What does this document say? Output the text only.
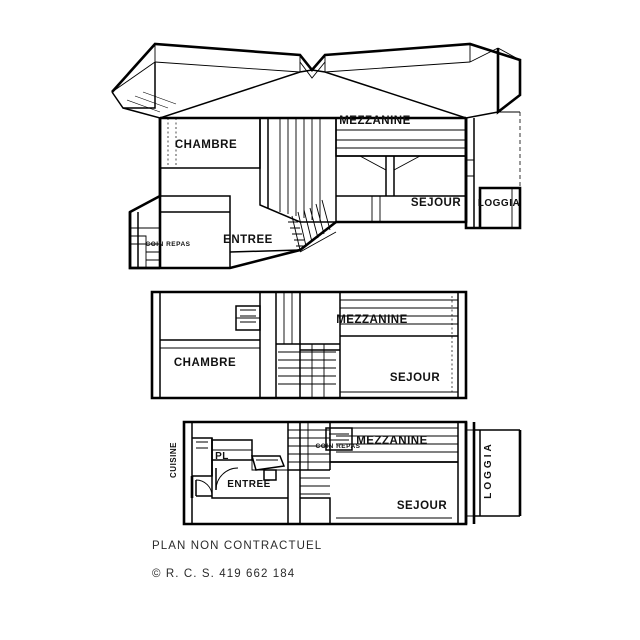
CHAMBRE
MEZZANINE
SEJOUR
ENTREE
LOGGIA
COIN REPAS
MEZZANINE
CHAMBRE
SEJOUR
MEZZANINE
SEJOUR
ENTREE
PL
COIN REPAS
CUISINE	LOGGIA
PLAN NON CONTRACTUEL
© R. C. S. 419 662 184
